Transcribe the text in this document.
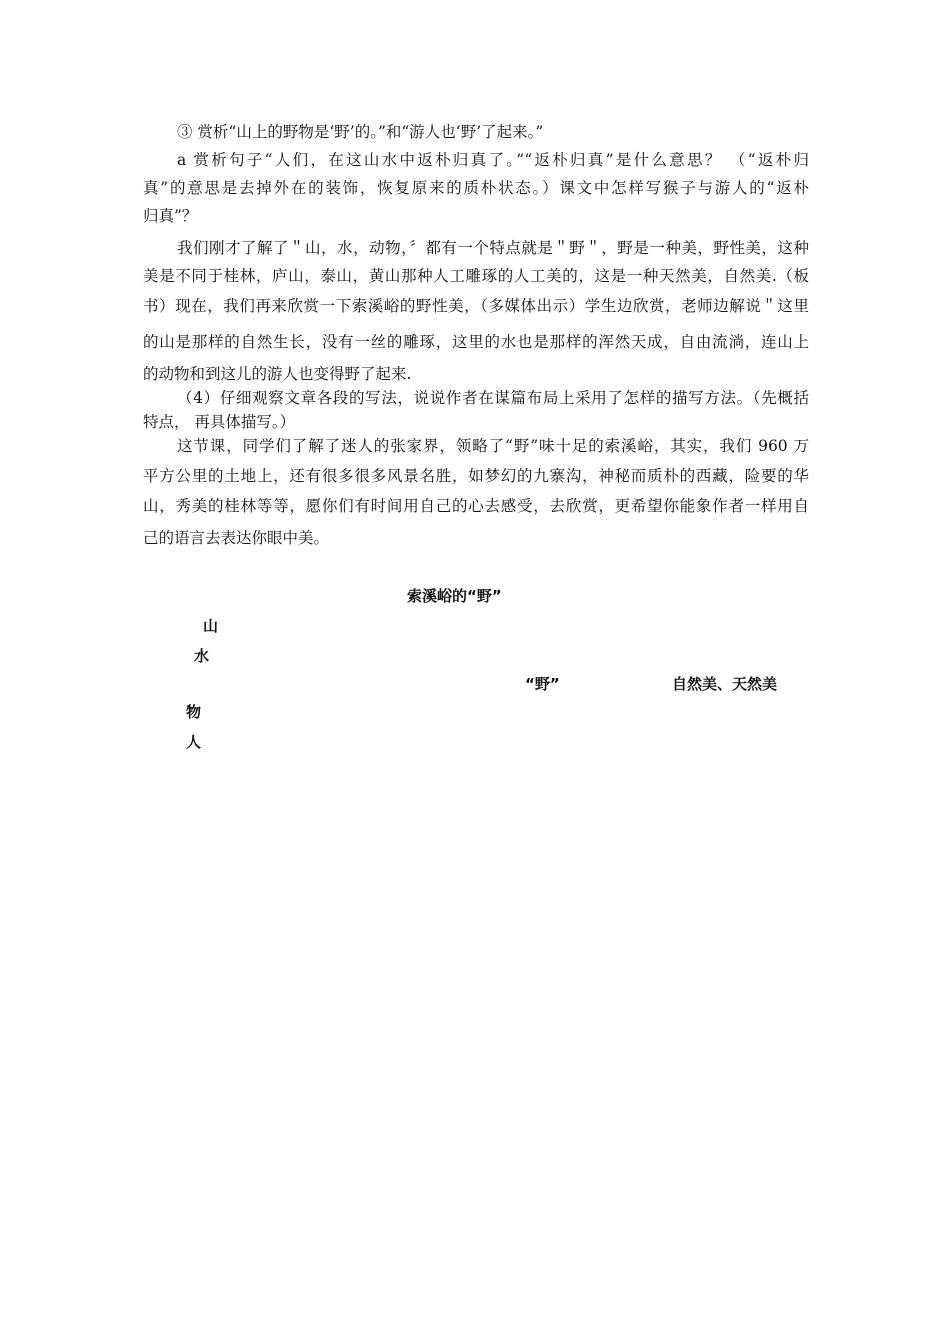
③ 赏析“山上的野物是‘野’的。”和“游人也‘野’了起来。”
a 赏析句子“人们，在这山水中返朴归真了。”“返朴归真”是什么意思？ （“返朴归
真”的意思是去掉外在的装饰，恢复原来的质朴状态。）课文中怎样写猴子与游人的“返朴
归真”？
我们刚才了解了＂山，水，动物，〞都有一个特点就是＂野＂，野是一种美，野性美，这种
美是不同于桂林，庐山，泰山，黄山那种人工雕琢的人工美的，这是一种天然美，自然美.（板
书）现在，我们再来欣赏一下索溪峪的野性美，（多媒体出示）学生边欣赏，老师边解说＂这里
的山是那样的自然生长，没有一丝的雕琢，这里的水也是那样的浑然天成，自由流淌，连山上
的动物和到这儿的游人也变得野了起来.
（4）仔细观察文章各段的写法，说说作者在谋篇布局上采用了怎样的描写方法。（先概括
特点， 再具体描写。）
这节课，同学们了解了迷人的张家界，领略了“野”味十足的索溪峪，其实，我们 960 万
平方公里的土地上，还有很多很多风景名胜，如梦幻的九寨沟，神秘而质朴的西藏，险要的华
山，秀美的桂林等等，愿你们有时间用自己的心去感受，去欣赏，更希望你能象作者一样用自
己的语言去表达你眼中美。
索溪峪的“野”
山
水
物
人
“野”	自然美、天然美
